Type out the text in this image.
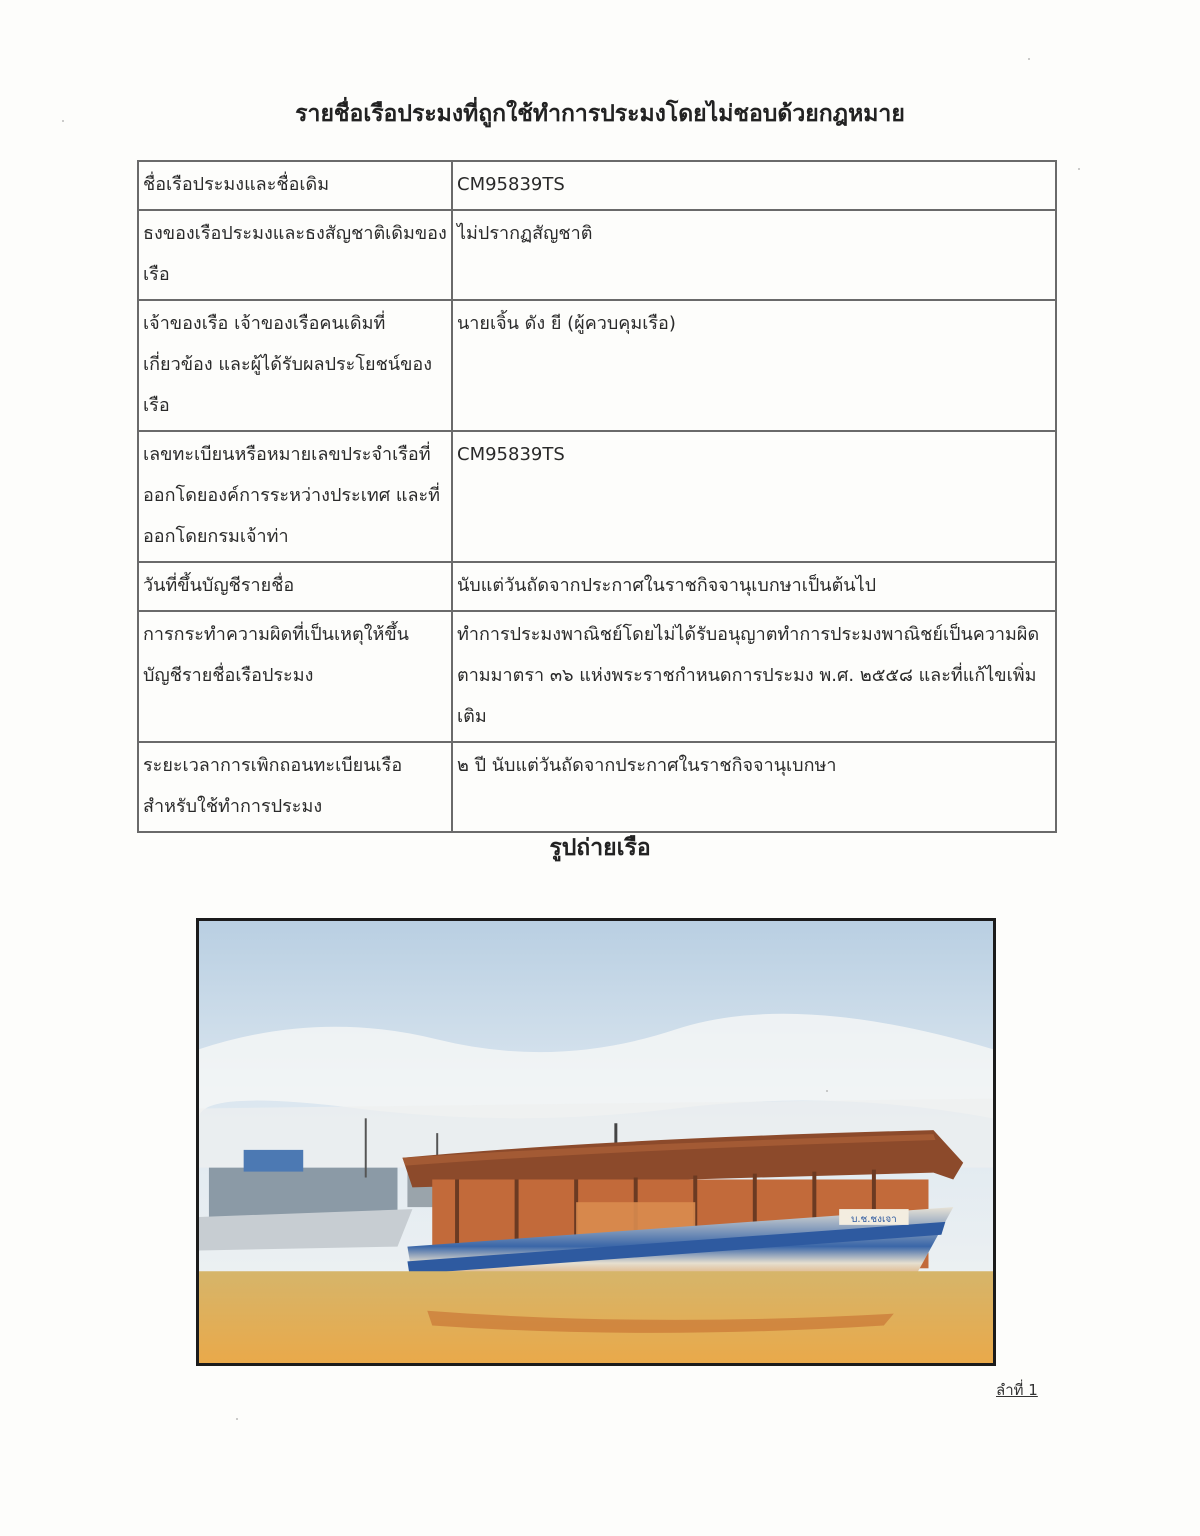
รายชื่อเรือประมงที่ถูกใช้ทำการประมงโดยไม่ชอบด้วยกฎหมาย
ชื่อเรือประมงและชื่อเดิม	CM95839TS
ธงของเรือประมงและธงสัญชาติเดิมของเรือ	ไม่ปรากฏสัญชาติ
เจ้าของเรือ เจ้าของเรือคนเดิมที่เกี่ยวข้อง และผู้ได้รับผลประโยชน์ของเรือ	นายเจิ้น ดัง ยี (ผู้ควบคุมเรือ)
เลขทะเบียนหรือหมายเลขประจำเรือที่ออกโดยองค์การระหว่างประเทศ และที่ออกโดยกรมเจ้าท่า	CM95839TS
วันที่ขึ้นบัญชีรายชื่อ	นับแต่วันถัดจากประกาศในราชกิจจานุเบกษาเป็นต้นไป
การกระทำความผิดที่เป็นเหตุให้ขึ้นบัญชีรายชื่อเรือประมง	ทำการประมงพาณิชย์โดยไม่ได้รับอนุญาตทำการประมงพาณิชย์เป็นความผิดตามมาตรา ๓๖ แห่งพระราชกำหนดการประมง พ.ศ. ๒๕๕๘ และที่แก้ไขเพิ่มเติม
ระยะเวลาการเพิกถอนทะเบียนเรือสำหรับใช้ทำการประมง	๒ ปี นับแต่วันถัดจากประกาศในราชกิจจานุเบกษา
รูปถ่ายเรือ
บ.ช.ชงเจา
ลำที่ 1
